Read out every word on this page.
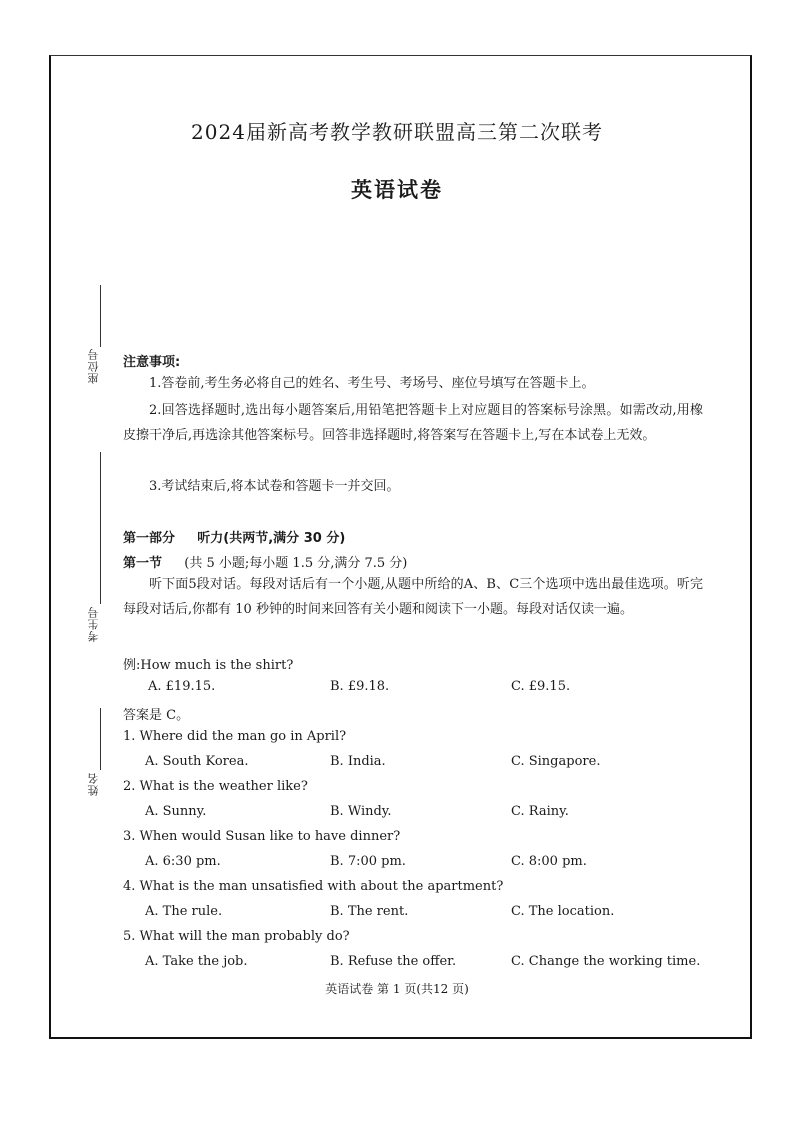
座位号
考生号
姓名
2024届新高考教学教研联盟高三第二次联考
英语试卷
注意事项:
1.答卷前,考生务必将自己的姓名、考生号、考场号、座位号填写在答题卡上。
2.回答选择题时,选出每小题答案后,用铅笔把答题卡上对应题目的答案标号涂黑。如需改动,用橡皮擦干净后,再选涂其他答案标号。回答非选择题时,将答案写在答题卡上,写在本试卷上无效。
3.考试结束后,将本试卷和答题卡一并交回。
第一部分 听力(共两节,满分 30 分)
第一节 (共 5 小题;每小题 1.5 分,满分 7.5 分)
听下面5段对话。每段对话后有一个小题,从题中所给的A、B、C三个选项中选出最佳选项。听完每段对话后,你都有 10 秒钟的时间来回答有关小题和阅读下一小题。每段对话仅读一遍。
例:How much is the shirt?
A. £19.15.	B. £9.18.	C. £9.15.
答案是 C。
1. Where did the man go in April?
A. South Korea.	B. India.	C. Singapore.
2. What is the weather like?
A. Sunny.	B. Windy.	C. Rainy.
3. When would Susan like to have dinner?
A. 6:30 pm.	B. 7:00 pm.	C. 8:00 pm.
4. What is the man unsatisfied with about the apartment?
A. The rule.	B. The rent.	C. The location.
5. What will the man probably do?
A. Take the job.	B. Refuse the offer.	C. Change the working time.
英语试卷 第 1 页(共12 页)
